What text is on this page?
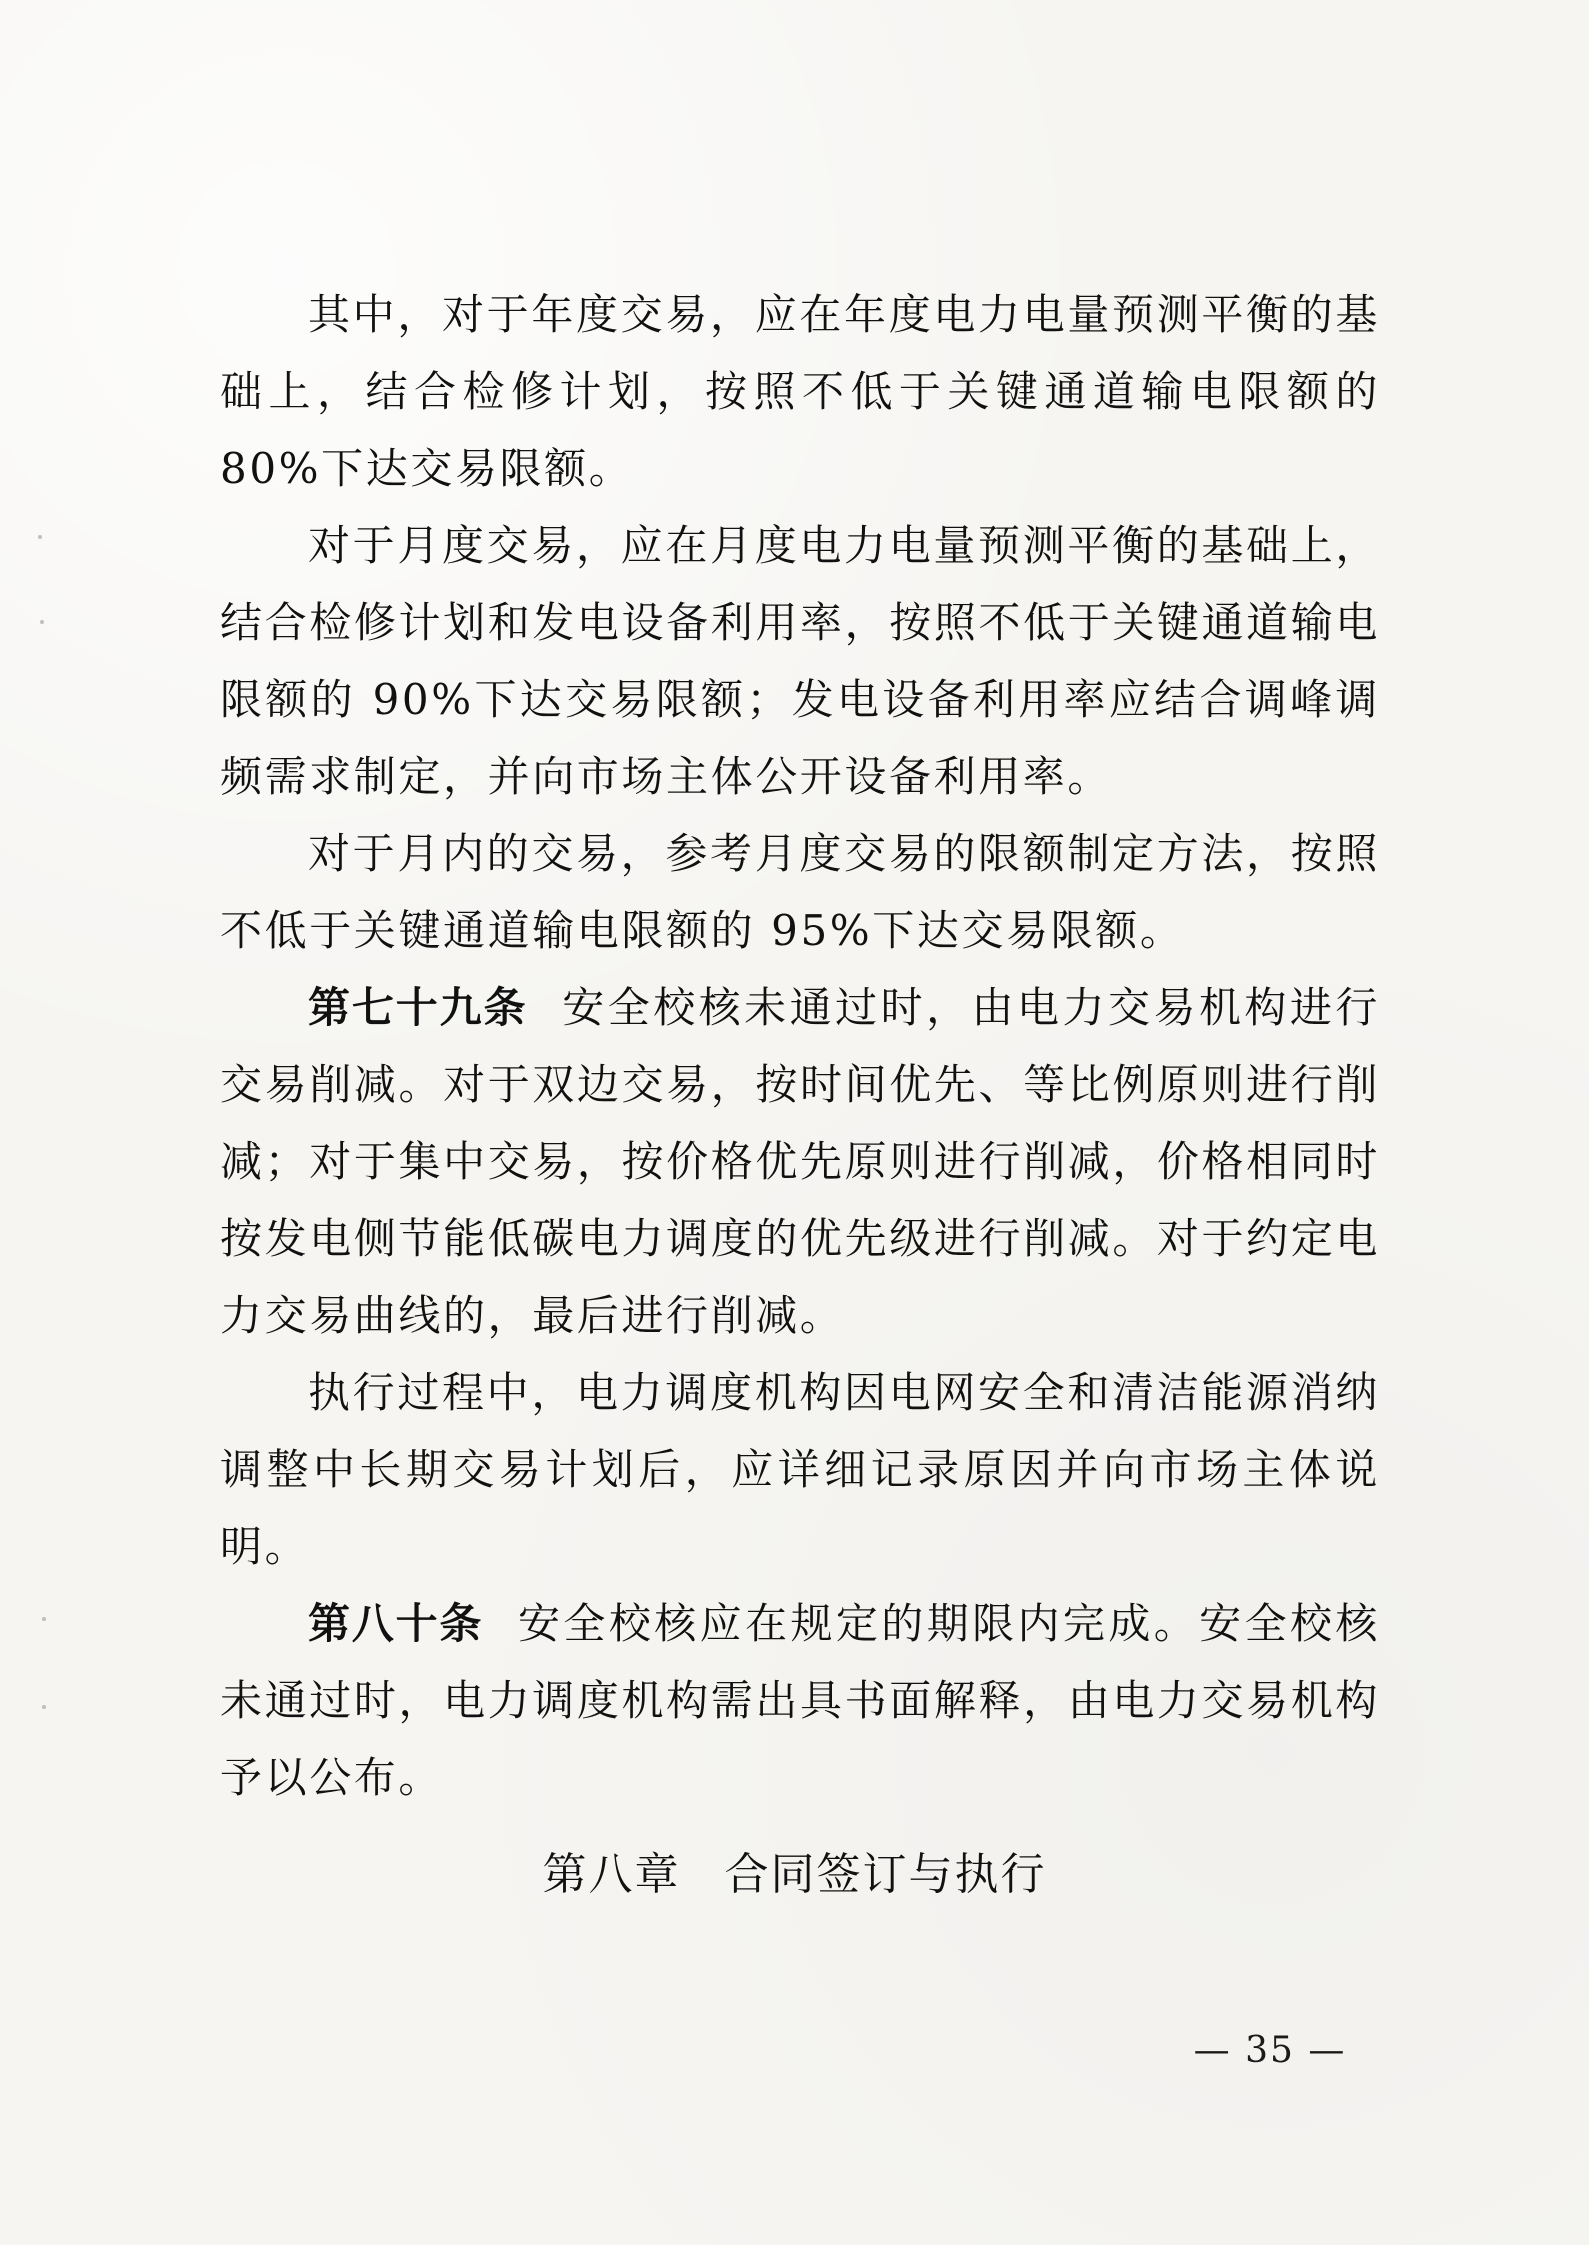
其中，对于年度交易，应在年度电力电量预测平衡的基础上，结合检修计划，按照不低于关键通道输电限额的 80%下达交易限额。

对于月度交易，应在月度电力电量预测平衡的基础上，结合检修计划和发电设备利用率，按照不低于关键通道输电限额的 90%下达交易限额；发电设备利用率应结合调峰调频需求制定，并向市场主体公开设备利用率。

对于月内的交易，参考月度交易的限额制定方法，按照不低于关键通道输电限额的 95%下达交易限额。

第七十九条 安全校核未通过时，由电力交易机构进行交易削减。对于双边交易，按时间优先、等比例原则进行削减；对于集中交易，按价格优先原则进行削减，价格相同时按发电侧节能低碳电力调度的优先级进行削减。对于约定电力交易曲线的，最后进行削减。

执行过程中，电力调度机构因电网安全和清洁能源消纳调整中长期交易计划后，应详细记录原因并向市场主体说明。

第八十条 安全校核应在规定的期限内完成。安全校核未通过时，电力调度机构需出具书面解释，由电力交易机构予以公布。

第八章 合同签订与执行
— 35 —
